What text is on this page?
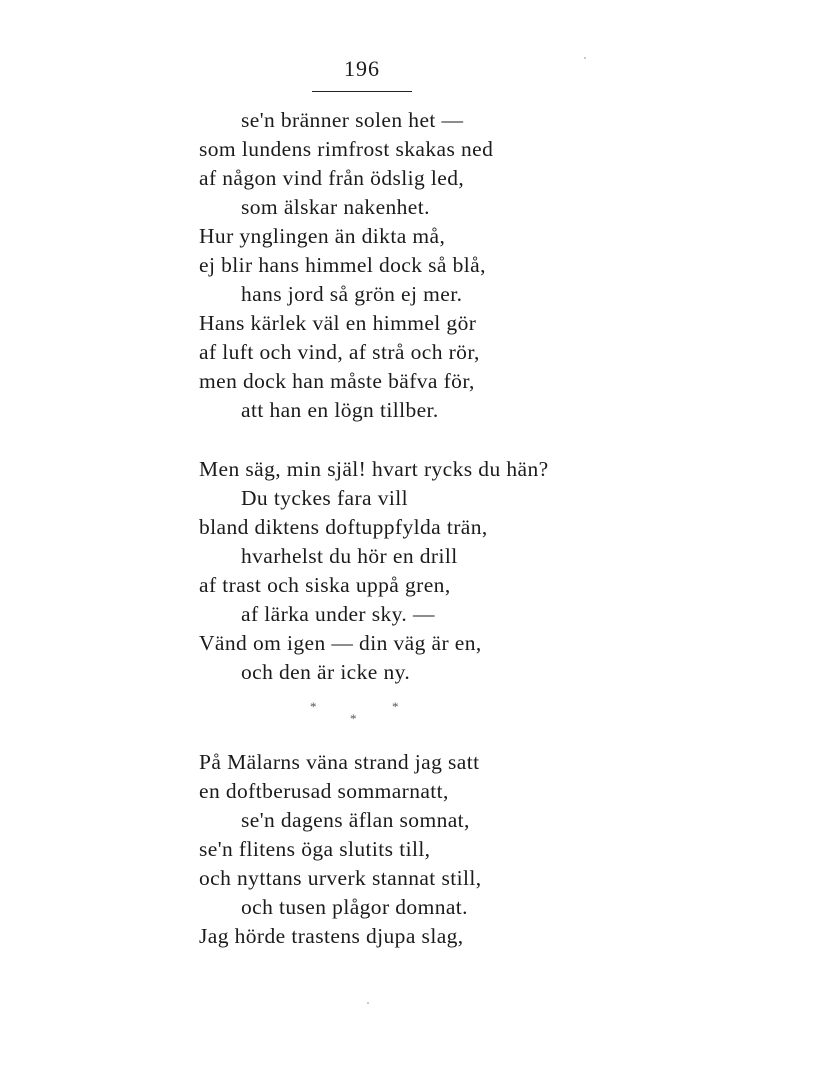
196
se'n bränner solen het —
som lundens rimfrost skakas ned
af någon vind från ödslig led,
som älskar nakenhet.
Hur ynglingen än dikta må,
ej blir hans himmel dock så blå,
hans jord så grön ej mer.
Hans kärlek väl en himmel gör
af luft och vind, af strå och rör,
men dock han måste bäfva för,
att han en lögn tillber.
Men säg, min själ! hvart rycks du hän?
Du tyckes fara vill
bland diktens doftuppfylda trän,
hvarhelst du hör en drill
af trast och siska uppå gren,
af lärka under sky. —
Vänd om igen — din väg är en,
och den är icke ny.
*	*
*
På Mälarns väna strand jag satt
en doftberusad sommarnatt,
se'n dagens äflan somnat,
se'n flitens öga slutits till,
och nyttans urverk stannat still,
och tusen plågor domnat.
Jag hörde trastens djupa slag,
